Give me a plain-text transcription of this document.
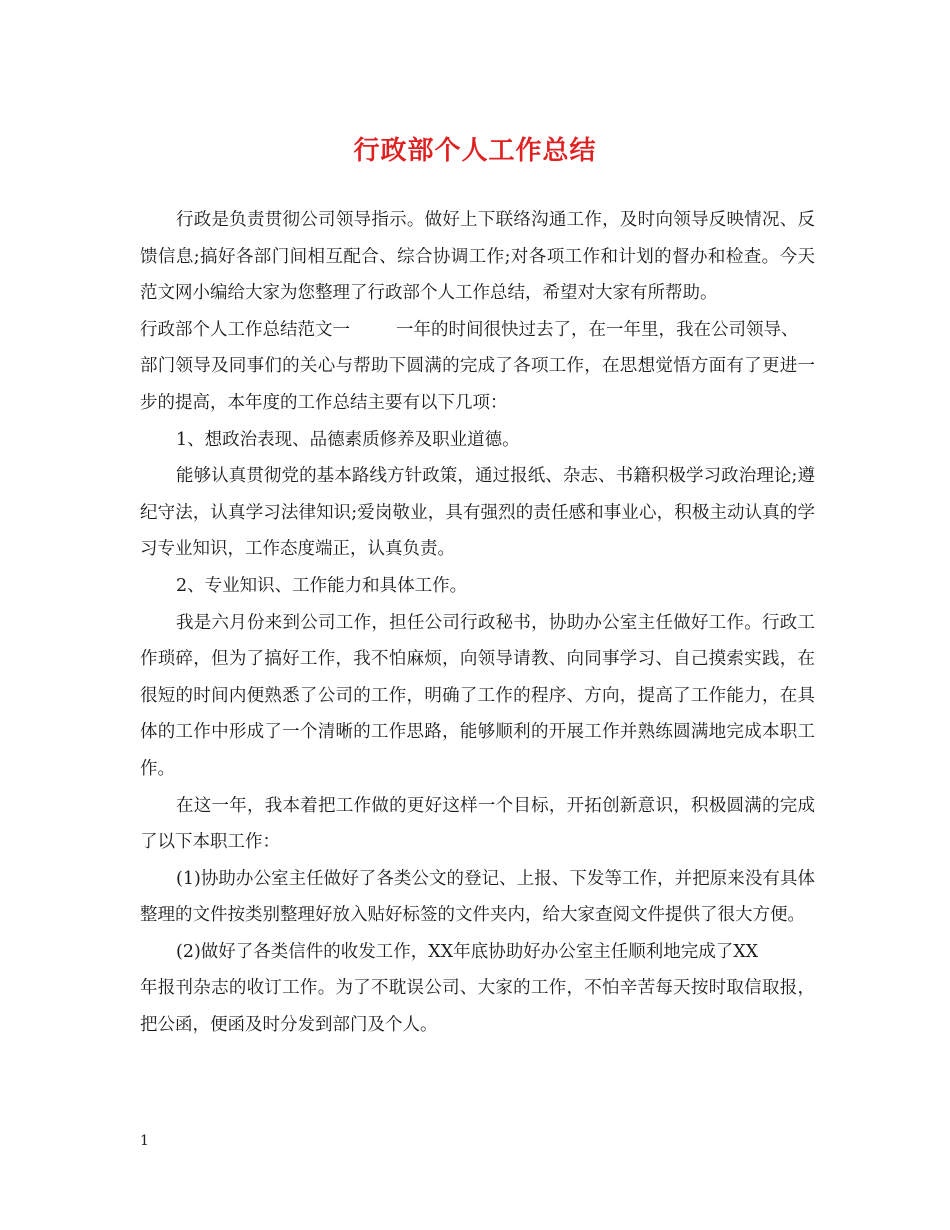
行政部个人工作总结

行政是负责贯彻公司领导指示。做好上下联络沟通工作，及时向领导反映情况、反馈信息;搞好各部门间相互配合、综合协调工作;对各项工作和计划的督办和检查。今天范文网小编给大家为您整理了行政部个人工作总结，希望对大家有所帮助。

行政部个人工作总结范文一	一年的时间很快过去了，在一年里，我在公司领导、

部门领导及同事们的关心与帮助下圆满的完成了各项工作，在思想觉悟方面有了更进一步的提高，本年度的工作总结主要有以下几项：

1、想政治表现、品德素质修养及职业道德。

能够认真贯彻党的基本路线方针政策，通过报纸、杂志、书籍积极学习政治理论;遵纪守法，认真学习法律知识;爱岗敬业，具有强烈的责任感和事业心，积极主动认真的学习专业知识，工作态度端正，认真负责。

2、专业知识、工作能力和具体工作。

我是六月份来到公司工作，担任公司行政秘书，协助办公室主任做好工作。行政工作琐碎，但为了搞好工作，我不怕麻烦，向领导请教、向同事学习、自己摸索实践，在很短的时间内便熟悉了公司的工作，明确了工作的程序、方向，提高了工作能力，在具体的工作中形成了一个清晰的工作思路，能够顺利的开展工作并熟练圆满地完成本职工作。

在这一年，我本着把工作做的更好这样一个目标，开拓创新意识，积极圆满的完成了以下本职工作：

(1)协助办公室主任做好了各类公文的登记、上报、下发等工作，并把原来没有具体整理的文件按类别整理好放入贴好标签的文件夹内，给大家查阅文件提供了很大方便。

(2)做好了各类信件的收发工作，XX年底协助好办公室主任顺利地完成了XX

年报刊杂志的收订工作。为了不耽误公司、大家的工作，不怕辛苦每天按时取信取报，把公函，便函及时分发到部门及个人。

1
